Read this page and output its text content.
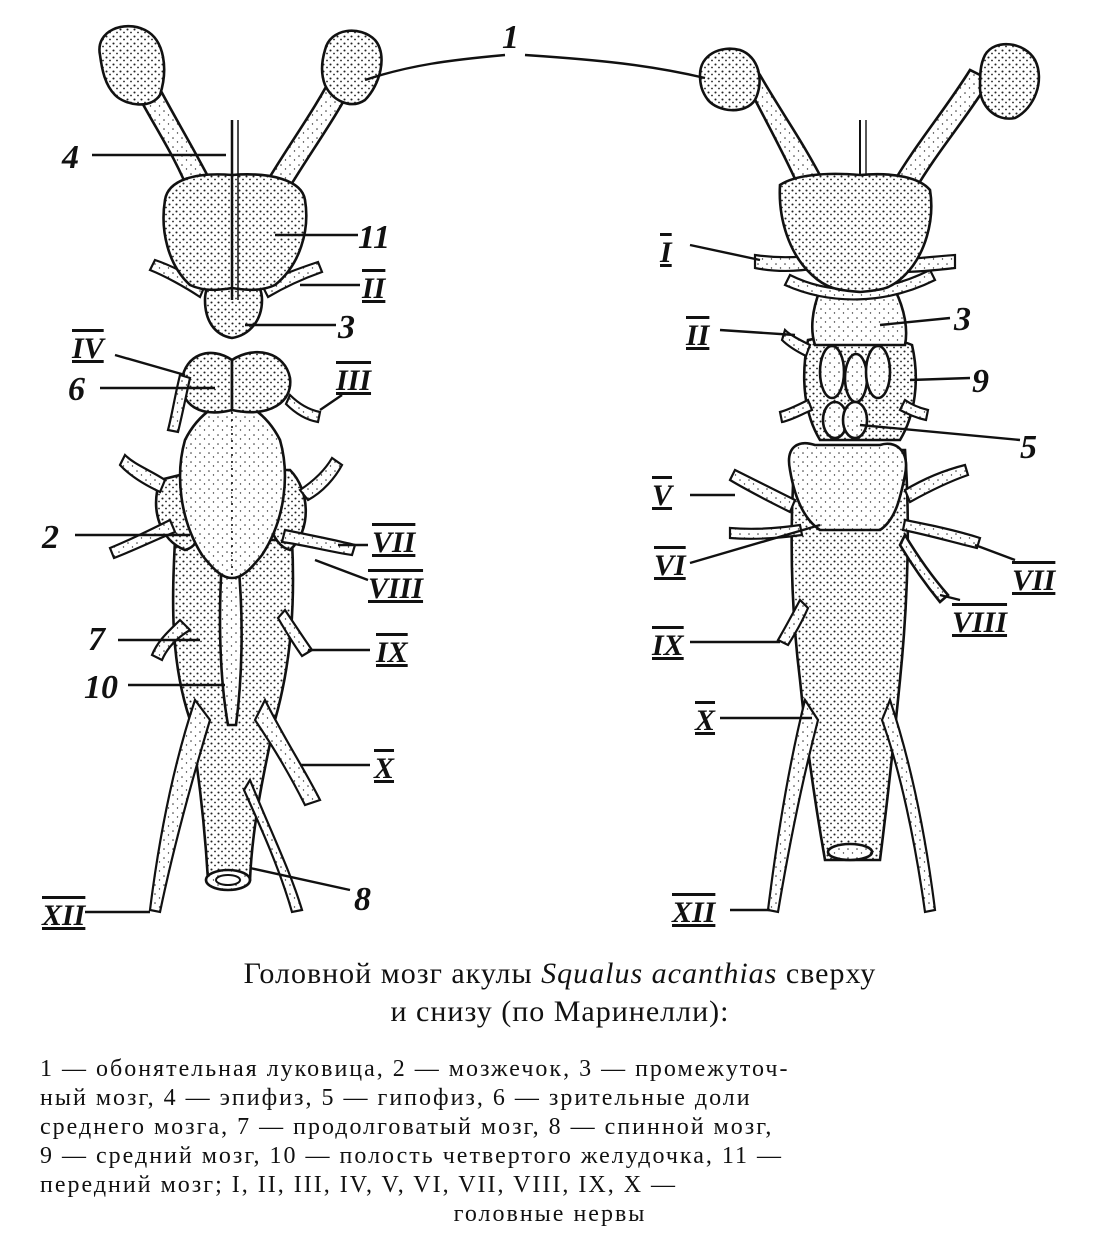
1
4
11
II
3
IV
6	III
2	VII
VIII
7	IX
10
X
8
XII
I
II	3
9
5
V
VI	VII
VIII
IX
X
XII
Головной мозг акулы Squalus acanthias сверху
и снизу (по Маринелли):
1 — обонятельная луковица, 2 — мозжечок, 3 — промежуточ-
ный мозг, 4 — эпифиз, 5 — гипофиз, 6 — зрительные доли
среднего мозга, 7 — продолговатый мозг, 8 — спинной мозг,
9 — средний мозг, 10 — полость четвертого желудочка, 11 —
передний мозг; I, II, III, IV, V, VI, VII, VIII, IX, X —
головные нервы
